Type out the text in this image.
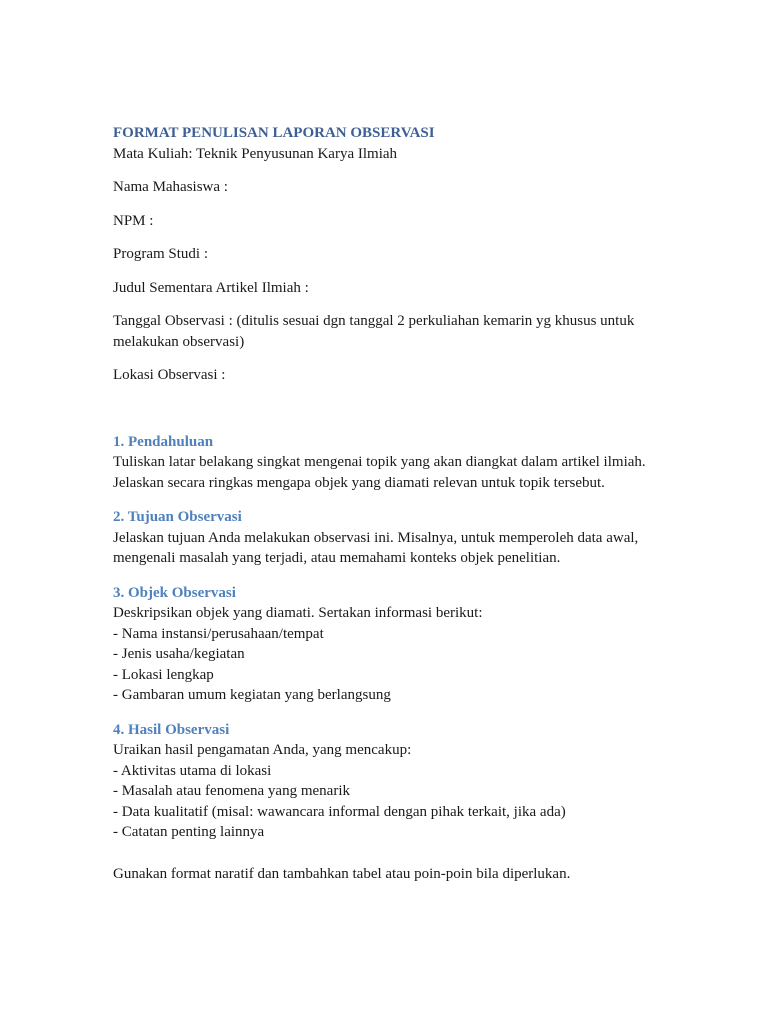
FORMAT PENULISAN LAPORAN OBSERVASI

Mata Kuliah: Teknik Penyusunan Karya Ilmiah

Nama Mahasiswa :

NPM :

Program Studi :

Judul Sementara Artikel Ilmiah :

Tanggal Observasi : (ditulis sesuai dgn tanggal 2 perkuliahan kemarin yg khusus untuk

melakukan observasi)

Lokasi Observasi :

1. Pendahuluan

Tuliskan latar belakang singkat mengenai topik yang akan diangkat dalam artikel ilmiah.

Jelaskan secara ringkas mengapa objek yang diamati relevan untuk topik tersebut.

2. Tujuan Observasi

Jelaskan tujuan Anda melakukan observasi ini. Misalnya, untuk memperoleh data awal,

mengenali masalah yang terjadi, atau memahami konteks objek penelitian.

3. Objek Observasi

Deskripsikan objek yang diamati. Sertakan informasi berikut:

- Nama instansi/perusahaan/tempat

- Jenis usaha/kegiatan

- Lokasi lengkap

- Gambaran umum kegiatan yang berlangsung

4. Hasil Observasi

Uraikan hasil pengamatan Anda, yang mencakup:

- Aktivitas utama di lokasi

- Masalah atau fenomena yang menarik

- Data kualitatif (misal: wawancara informal dengan pihak terkait, jika ada)

- Catatan penting lainnya

Gunakan format naratif dan tambahkan tabel atau poin-poin bila diperlukan.
